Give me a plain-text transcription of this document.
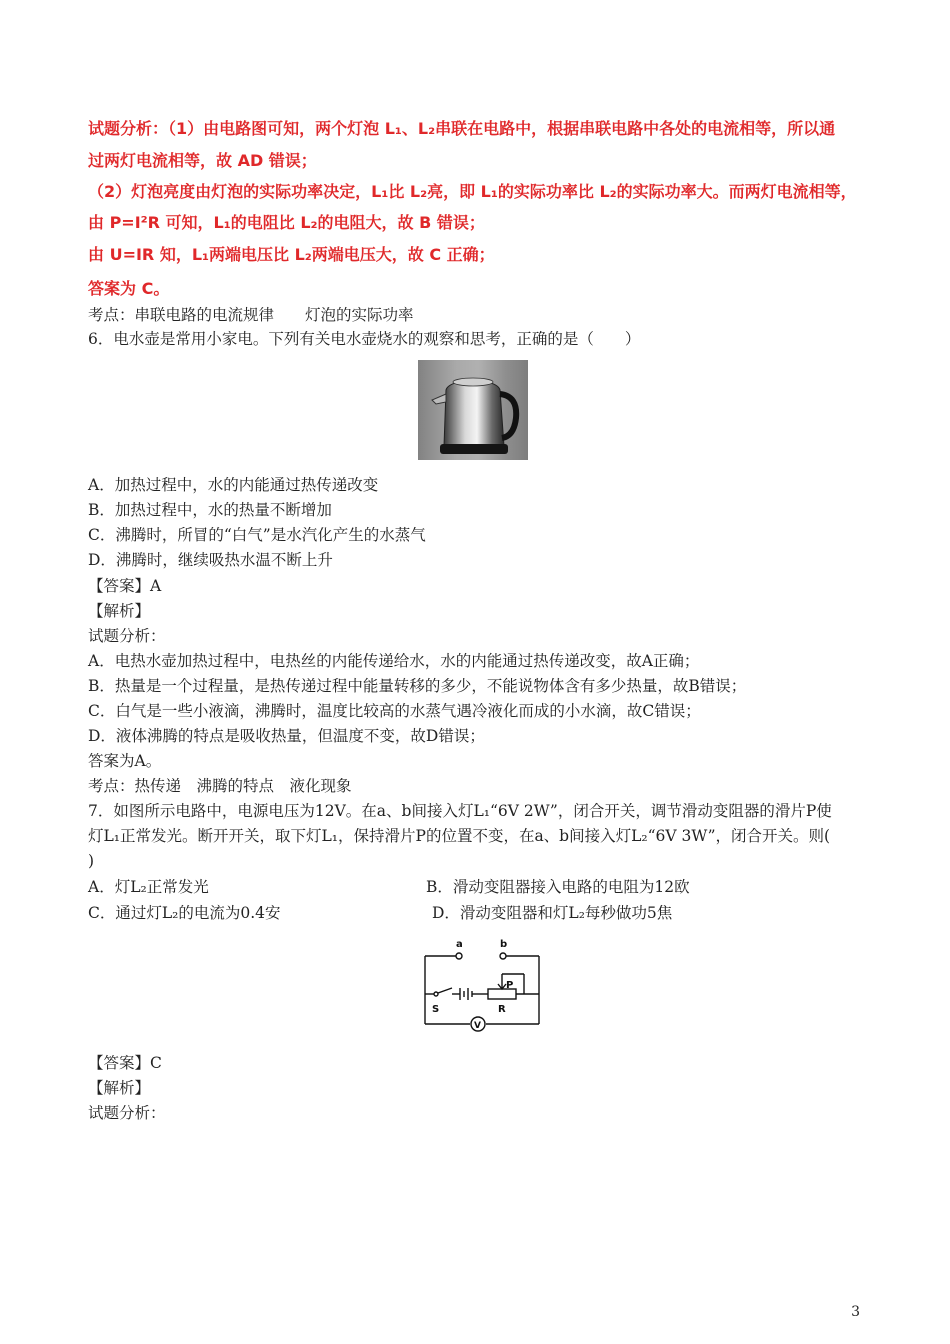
试题分析：（1）由电路图可知，两个灯泡 L₁、L₂串联在电路中，根据串联电路中各处的电流相等，所以通
过两灯电流相等，故 AD 错误；
（2）灯泡亮度由灯泡的实际功率决定，L₁比 L₂亮，即 L₁的实际功率比 L₂的实际功率大。而两灯电流相等，
由 P=I²R 可知，L₁的电阻比 L₂的电阻大，故 B 错误；
由 U=IR 知，L₁两端电压比 L₂两端电压大，故 C 正确；
答案为 C。
考点：串联电路的电流规律　　灯泡的实际功率
6．电水壶是常用小家电。下列有关电水壶烧水的观察和思考，正确的是（　　）
A．加热过程中，水的内能通过热传递改变
B．加热过程中，水的热量不断增加
C．沸腾时，所冒的“白气”是水汽化产生的水蒸气
D．沸腾时，继续吸热水温不断上升
【答案】A
【解析】
试题分析：
A．电热水壶加热过程中，电热丝的内能传递给水，水的内能通过热传递改变，故A正确；
B．热量是一个过程量，是热传递过程中能量转移的多少，不能说物体含有多少热量，故B错误；
C．白气是一些小液滴，沸腾时，温度比较高的水蒸气遇冷液化而成的小水滴，故C错误；
D．液体沸腾的特点是吸收热量，但温度不变，故D错误；
答案为A。
考点：热传递　沸腾的特点　液化现象
7．如图所示电路中，电源电压为12V。在a、b间接入灯L₁“6V 2W”，闭合开关，调节滑动变阻器的滑片P使
灯L₁正常发光。断开开关，取下灯L₁，保持滑片P的位置不变，在a、b间接入灯L₂“6V 3W”，闭合开关。则(
)
A．灯L₂正常发光	B．滑动变阻器接入电路的电阻为12欧
C．通过灯L₂的电流为0.4安	D．滑动变阻器和灯L₂每秒做功5焦
a	b
P
S	R
V
【答案】C
【解析】
试题分析：
3
